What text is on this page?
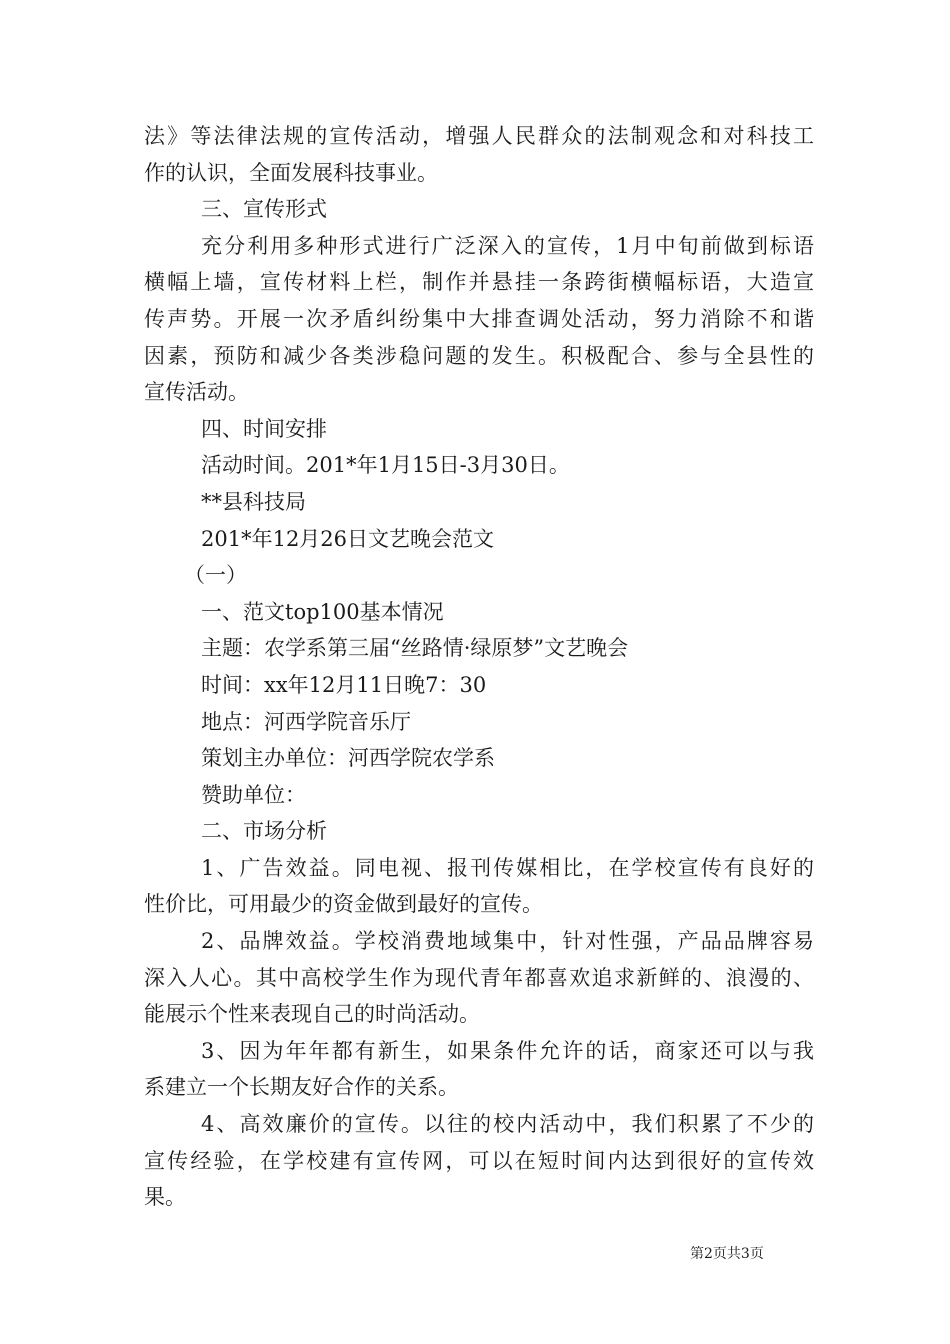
法》等法律法规的宣传活动，增强人民群众的法制观念和对科技工

作的认识，全面发展科技事业。

三、宣传形式

充分利用多种形式进行广泛深入的宣传，1月中旬前做到标语

横幅上墙，宣传材料上栏，制作并悬挂一条跨街横幅标语，大造宣

传声势。开展一次矛盾纠纷集中大排查调处活动，努力消除不和谐

因素，预防和减少各类涉稳问题的发生。积极配合、参与全县性的

宣传活动。

四、时间安排

活动时间。201*年1月15日-3月30日。

**县科技局

201*年12月26日文艺晚会范文

（一）

一、范文top100基本情况

主题：农学系第三届“丝路情·绿原梦”文艺晚会

时间：xx年12月11日晚7：30

地点：河西学院音乐厅

策划主办单位：河西学院农学系

赞助单位：

二、市场分析

1、广告效益。同电视、报刊传媒相比，在学校宣传有良好的

性价比，可用最少的资金做到最好的宣传。

2、品牌效益。学校消费地域集中，针对性强，产品品牌容易

深入人心。其中高校学生作为现代青年都喜欢追求新鲜的、浪漫的、

能展示个性来表现自己的时尚活动。

3、因为年年都有新生，如果条件允许的话，商家还可以与我

系建立一个长期友好合作的关系。

4、高效廉价的宣传。以往的校内活动中，我们积累了不少的

宣传经验，在学校建有宣传网，可以在短时间内达到很好的宣传效

果。

第2页共3页
